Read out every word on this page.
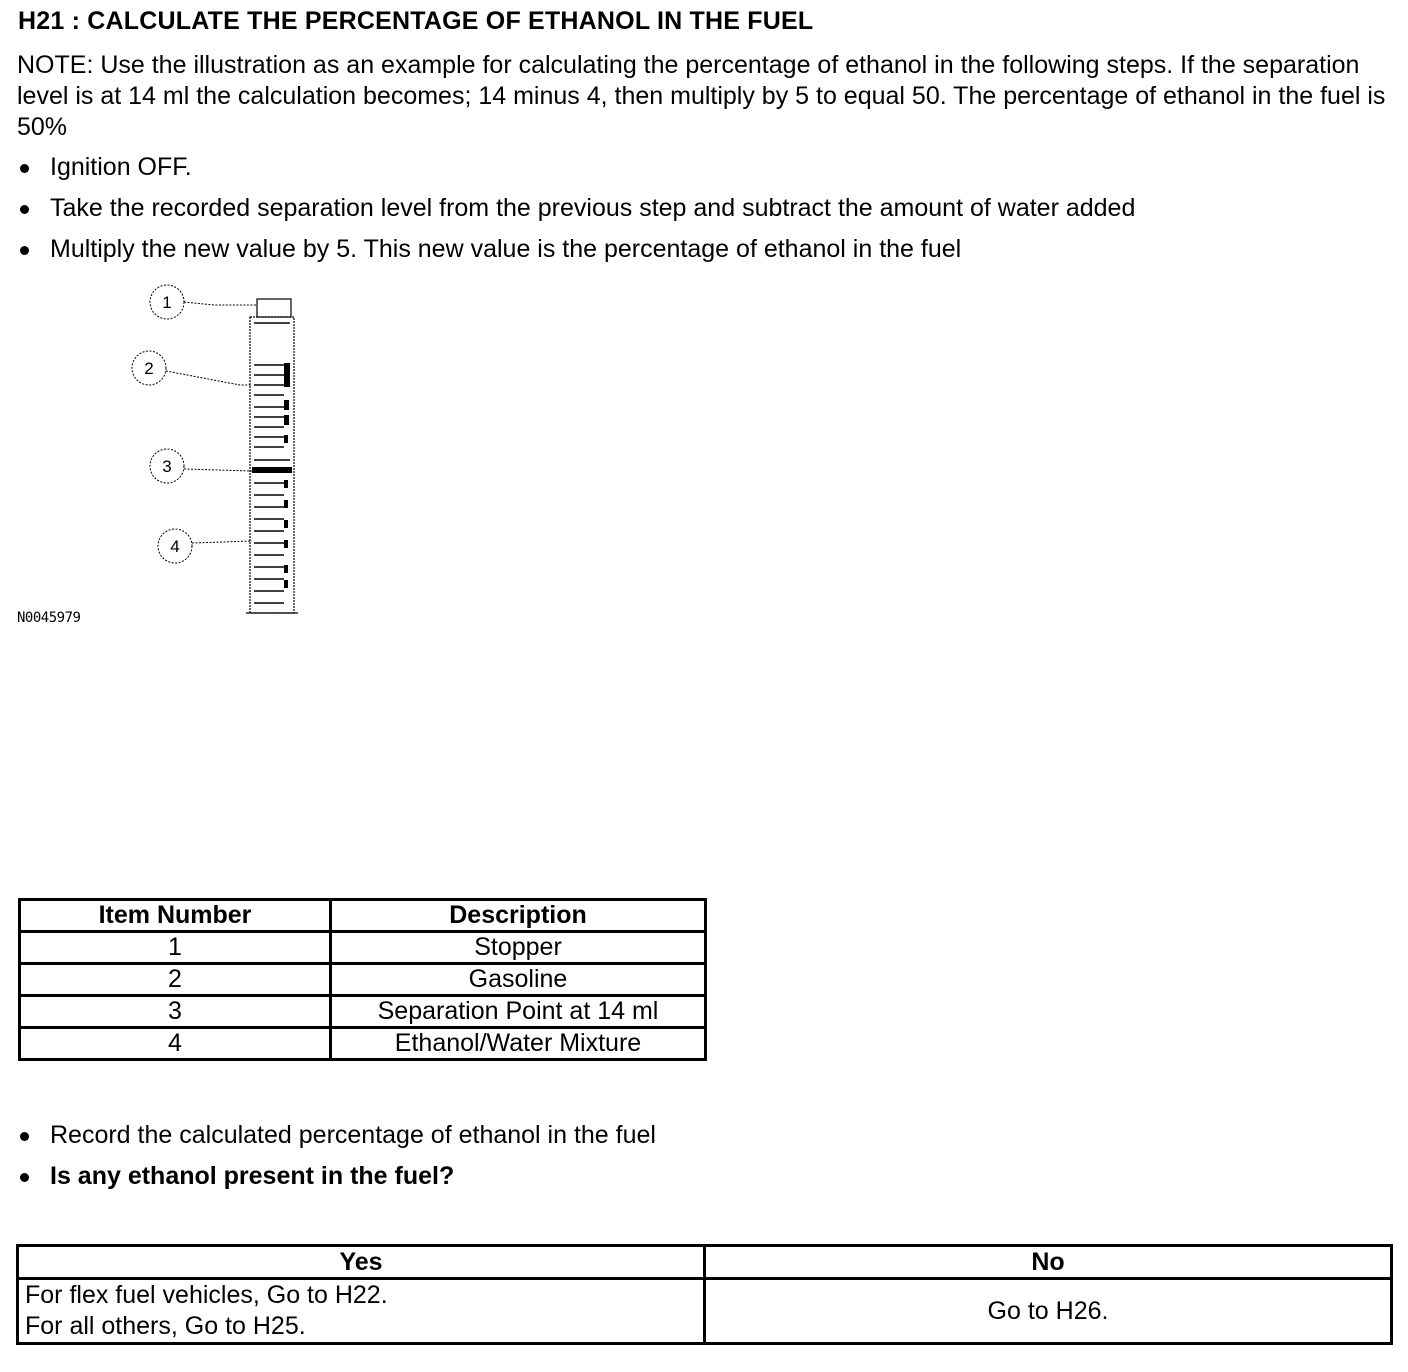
H21 : CALCULATE THE PERCENTAGE OF ETHANOL IN THE FUEL
NOTE: Use the illustration as an example for calculating the percentage of ethanol in the following steps. If the separation level is at 14 ml the calculation becomes; 14 minus 4, then multiply by 5 to equal 50. The percentage of ethanol in the fuel is 50%
Ignition OFF.
Take the recorded separation level from the previous step and subtract the amount of water added
Multiply the new value by 5. This new value is the percentage of ethanol in the fuel
1
2
3
4
N0045979
Item Number	Description
1	Stopper
2	Gasoline
3	Separation Point at 14 ml
4	Ethanol/Water Mixture
Record the calculated percentage of ethanol in the fuel
Is any ethanol present in the fuel?
Yes	No

For flex fuel vehicles, Go to H22.
For all others, Go to H25.	Go to H26.
